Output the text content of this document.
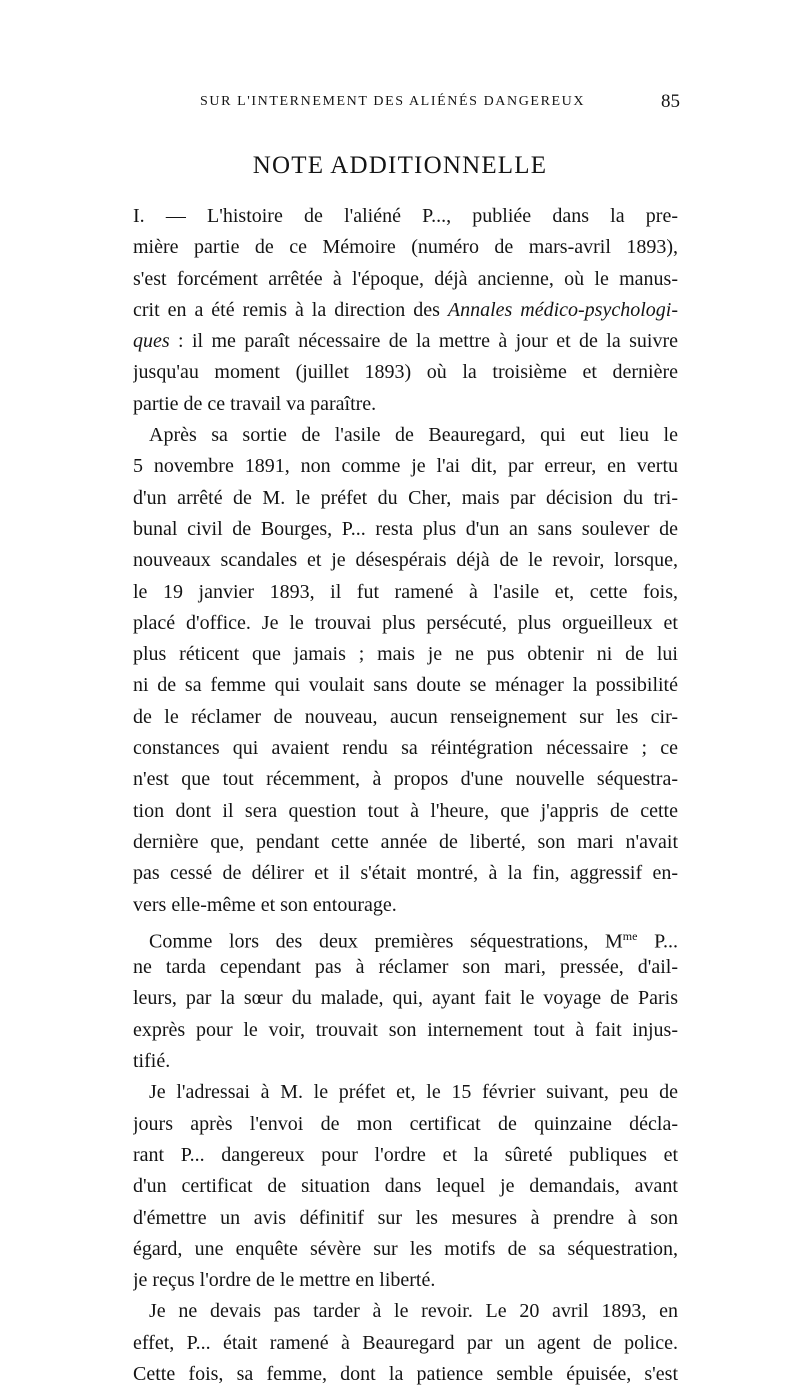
SUR L'INTERNEMENT DES ALIÉNÉS DANGEREUX	85
NOTE ADDITIONNELLE
I. — L'histoire de l'aliéné P..., publiée dans la pre-
mière partie de ce Mémoire (numéro de mars-avril 1893),
s'est forcément arrêtée à l'époque, déjà ancienne, où le manus-
crit en a été remis à la direction des Annales médico-psychologi-
ques : il me paraît nécessaire de la mettre à jour et de la suivre
jusqu'au moment (juillet 1893) où la troisième et dernière
partie de ce travail va paraître.
Après sa sortie de l'asile de Beauregard, qui eut lieu le
5 novembre 1891, non comme je l'ai dit, par erreur, en vertu
d'un arrêté de M. le préfet du Cher, mais par décision du tri-
bunal civil de Bourges, P... resta plus d'un an sans soulever de
nouveaux scandales et je désespérais déjà de le revoir, lorsque,
le 19 janvier 1893, il fut ramené à l'asile et, cette fois,
placé d'office. Je le trouvai plus persécuté, plus orgueilleux et
plus réticent que jamais ; mais je ne pus obtenir ni de lui
ni de sa femme qui voulait sans doute se ménager la possibilité
de le réclamer de nouveau, aucun renseignement sur les cir-
constances qui avaient rendu sa réintégration nécessaire ; ce
n'est que tout récemment, à propos d'une nouvelle séquestra-
tion dont il sera question tout à l'heure, que j'appris de cette
dernière que, pendant cette année de liberté, son mari n'avait
pas cessé de délirer et il s'était montré, à la fin, aggressif en-
vers elle-même et son entourage.
Comme lors des deux premières séquestrations, $M^{me}$ P...
ne tarda cependant pas à réclamer son mari, pressée, d'ail-
leurs, par la sœur du malade, qui, ayant fait le voyage de Paris
exprès pour le voir, trouvait son internement tout à fait injus-
tifié.
Je l'adressai à M. le préfet et, le 15 février suivant, peu de
jours après l'envoi de mon certificat de quinzaine décla-
rant P... dangereux pour l'ordre et la sûreté publiques et
d'un certificat de situation dans lequel je demandais, avant
d'émettre un avis définitif sur les mesures à prendre à son
égard, une enquête sévère sur les motifs de sa séquestration,
je reçus l'ordre de le mettre en liberté.
Je ne devais pas tarder à le revoir. Le 20 avril 1893, en
effet, P... était ramené à Beauregard par un agent de police.
Cette fois, sa femme, dont la patience semble épuisée, s'est
